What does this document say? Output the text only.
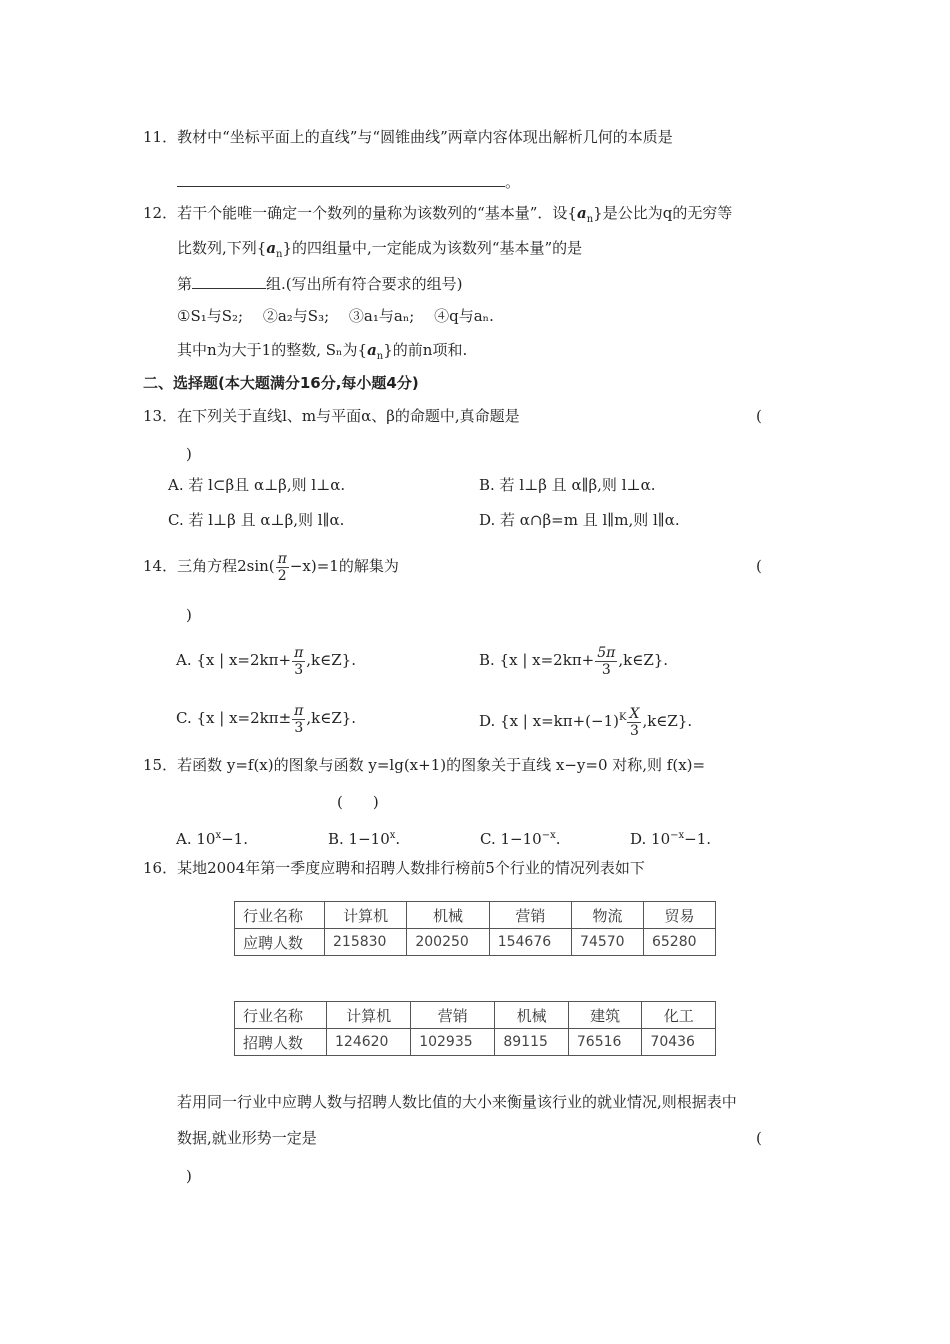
11．教材中“坐标平面上的直线”与“圆锥曲线”两章内容体现出解析几何的本质是
。
12．若干个能唯一确定一个数列的量称为该数列的“基本量”．设$\{a_n\}$是公比为q的无穷等
比数列,下列$\{a_n\}$的四组量中,一定能成为该数列“基本量”的是
第	组.(写出所有符合要求的组号)
①S₁与S₂;　 ②a₂与S₃;　 ③a₁与aₙ;　 ④q与aₙ.
其中n为大于1的整数, Sₙ为$\{a_n\}$的前n项和.
二、选择题(本大题满分16分,每小题4分)
13．在下列关于直线l、m与平面α、β的命题中,真命题是	(
)
A. 若 l⊂β且 α⊥β,则 l⊥α.	B. 若 l⊥β 且 α∥β,则 l⊥α.
C. 若 l⊥β 且 α⊥β,则 l∥α.	D. 若 α∩β=m 且 l∥m,则 l∥α.
14．三角方程$2\sin( \frac{\pi}{2} -x)=1$的解集为	(
)
A. {x | $x=2k\pi+ \frac{\pi}{3}$ ,k∈Z}.	B. {x | $x=2k\pi+ \frac{5\pi}{3}$ ,k∈Z}.
C. {x | $x=2k\pi\pm \frac{\pi}{3}$ ,k∈Z}.	D. {x | $x=k\pi+(-1)^K \frac{X}{3}$ ,k∈Z}.
15．若函数 y=f(x)的图象与函数 y=lg(x+1)的图象关于直线 x−y=0 对称,则 f(x)=
(　　)
A. $10^x-1$.	B. $1-10^x$.	C. $1-10^{-x}$.	D. $10^{-x}-1$.
16．某地2004年第一季度应聘和招聘人数排行榜前5个行业的情况列表如下
行业名称	计算机	机械	营销	物流	贸易
应聘人数	215830	200250	154676	74570	65280
行业名称	计算机	营销	机械	建筑	化工
招聘人数	124620	102935	89115	76516	70436
若用同一行业中应聘人数与招聘人数比值的大小来衡量该行业的就业情况,则根据表中
数据,就业形势一定是	(
)
